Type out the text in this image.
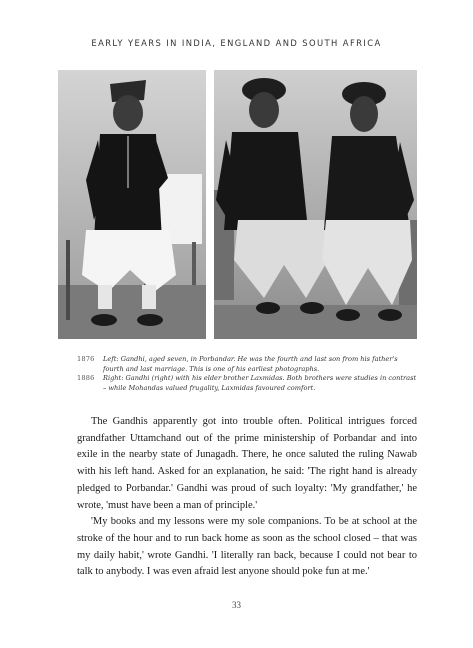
EARLY YEARS IN INDIA, ENGLAND AND SOUTH AFRICA
1876 Left: Gandhi, aged seven, in Porbandar. He was the fourth and last son from his father's fourth and last marriage. This is one of his earliest photographs.
1886 Right: Gandhi (right) with his elder brother Laxmidas. Both brothers were studies in contrast – while Mohandas valued frugality, Laxmidas favoured comfort.

The Gandhis apparently got into trouble often. Political intrigues forced grandfather Uttamchand out of the prime ministership of Porbandar and into exile in the nearby state of Junagadh. There, he once saluted the ruling Nawab with his left hand. Asked for an explanation, he said: 'The right hand is already pledged to Porbandar.' Gandhi was proud of such loyalty: 'My grandfather,' he wrote, 'must have been a man of principle.'

'My books and my lessons were my sole companions. To be at school at the stroke of the hour and to run back home as soon as the school closed – that was my daily habit,' wrote Gandhi. 'I literally ran back, because I could not bear to talk to anybody. I was even afraid lest anyone should poke fun at me.'

33
